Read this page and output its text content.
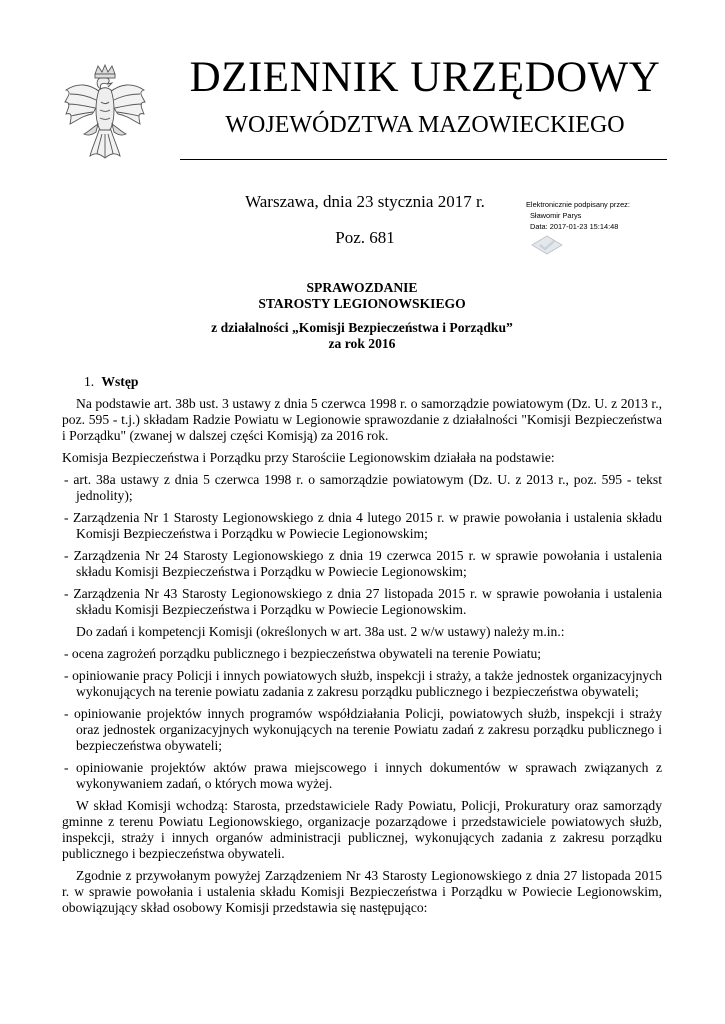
DZIENNIK URZĘDOWY
WOJEWÓDZTWA MAZOWIECKIEGO
Warszawa, dnia 23 stycznia 2017 r.
Poz. 681
Elektronicznie podpisany przez:
Sławomir Parys
Data: 2017-01-23 15:14:48
SPRAWOZDANIE
STAROSTY LEGIONOWSKIEGO
z działalności „Komisji Bezpieczeństwa i Porządku”
za rok 2016

1. Wstęp

Na podstawie art. 38b ust. 3 ustawy z dnia 5 czerwca 1998 r. o samorządzie powiatowym (Dz. U. z 2013 r., poz. 595 - t.j.) składam Radzie Powiatu w Legionowie sprawozdanie z działalności "Komisji Bezpieczeństwa i Porządku" (zwanej w dalszej części Komisją) za 2016 rok.

Komisja Bezpieczeństwa i Porządku przy Starościie Legionowskim działała na podstawie:

- art. 38a ustawy z dnia 5 czerwca 1998 r. o samorządzie powiatowym (Dz. U. z 2013 r., poz. 595 - tekst jednolity);

- Zarządzenia Nr 1 Starosty Legionowskiego z dnia 4 lutego 2015 r. w prawie powołania i ustalenia składu Komisji Bezpieczeństwa i Porządku w Powiecie Legionowskim;

- Zarządzenia Nr 24 Starosty Legionowskiego z dnia 19 czerwca 2015 r. w sprawie powołania i ustalenia składu Komisji Bezpieczeństwa i Porządku w Powiecie Legionowskim;

- Zarządzenia Nr 43 Starosty Legionowskiego z dnia 27 listopada 2015 r. w sprawie powołania i ustalenia składu Komisji Bezpieczeństwa i Porządku w Powiecie Legionowskim.

Do zadań i kompetencji Komisji (określonych w art. 38a ust. 2 w/w ustawy) należy m.in.:

- ocena zagrożeń porządku publicznego i bezpieczeństwa obywateli na terenie Powiatu;

- opiniowanie pracy Policji i innych powiatowych służb, inspekcji i straży, a także jednostek organizacyjnych wykonujących na terenie powiatu zadania z zakresu porządku publicznego i bezpieczeństwa obywateli;

- opiniowanie projektów innych programów współdziałania Policji, powiatowych służb, inspekcji i straży oraz jednostek organizacyjnych wykonujących na terenie Powiatu zadań z zakresu porządku publicznego i bezpieczeństwa obywateli;

- opiniowanie projektów aktów prawa miejscowego i innych dokumentów w sprawach związanych z wykonywaniem zadań, o których mowa wyżej.

W skład Komisji wchodzą: Starosta, przedstawiciele Rady Powiatu, Policji, Prokuratury oraz samorządy gminne z terenu Powiatu Legionowskiego, organizacje pozarządowe i przedstawiciele powiatowych służb, inspekcji, straży i innych organów administracji publicznej, wykonujących zadania z zakresu porządku publicznego i bezpieczeństwa obywateli.

Zgodnie z przywołanym powyżej Zarządzeniem Nr 43 Starosty Legionowskiego z dnia 27 listopada 2015 r. w sprawie powołania i ustalenia składu Komisji Bezpieczeństwa i Porządku w Powiecie Legionowskim, obowiązujący skład osobowy Komisji przedstawia się następująco:
